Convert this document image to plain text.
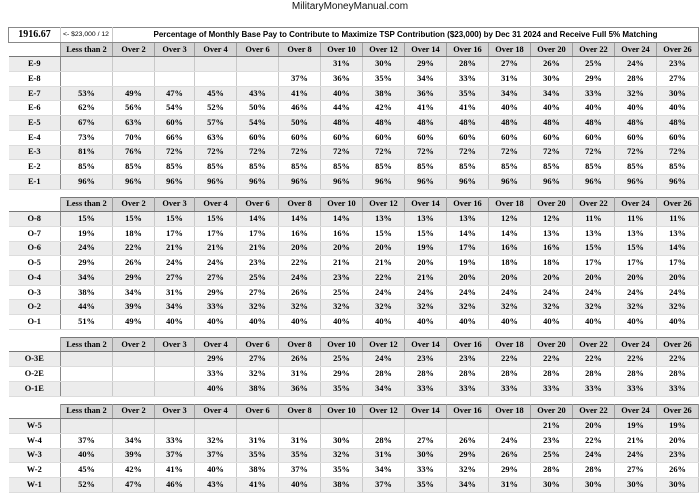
MilitaryMoneyManual.com
1916.67	<- $23,000 / 12	Percentage of Monthly Base Pay to Contribute to Maximize TSP Contribution ($23,000) by Dec 31 2024 and Receive Full 5% Matching													
	Less than 2	Over 2	Over 3	Over 4	Over 6	Over 8	Over 10	Over 12	Over 14	Over 16	Over 18	Over 20	Over 22	Over 24	Over 26
E-9							31%	30%	29%	28%	27%	26%	25%	24%	23%
E-8						37%	36%	35%	34%	33%	31%	30%	29%	28%	27%
E-7	53%	49%	47%	45%	43%	41%	40%	38%	36%	35%	34%	34%	33%	32%	30%
E-6	62%	56%	54%	52%	50%	46%	44%	42%	41%	41%	40%	40%	40%	40%	40%
E-5	67%	63%	60%	57%	54%	50%	48%	48%	48%	48%	48%	48%	48%	48%	48%
E-4	73%	70%	66%	63%	60%	60%	60%	60%	60%	60%	60%	60%	60%	60%	60%
E-3	81%	76%	72%	72%	72%	72%	72%	72%	72%	72%	72%	72%	72%	72%	72%
E-2	85%	85%	85%	85%	85%	85%	85%	85%	85%	85%	85%	85%	85%	85%	85%
E-1	96%	96%	96%	96%	96%	96%	96%	96%	96%	96%	96%	96%	96%	96%	96%

	Less than 2	Over 2	Over 3	Over 4	Over 6	Over 8	Over 10	Over 12	Over 14	Over 16	Over 18	Over 20	Over 22	Over 24	Over 26
O-8	15%	15%	15%	15%	14%	14%	14%	13%	13%	13%	12%	12%	11%	11%	11%
O-7	19%	18%	17%	17%	17%	16%	16%	15%	15%	14%	14%	13%	13%	13%	13%
O-6	24%	22%	21%	21%	21%	20%	20%	20%	19%	17%	16%	16%	15%	15%	14%
O-5	29%	26%	24%	24%	23%	22%	21%	21%	20%	19%	18%	18%	17%	17%	17%
O-4	34%	29%	27%	27%	25%	24%	23%	22%	21%	20%	20%	20%	20%	20%	20%
O-3	38%	34%	31%	29%	27%	26%	25%	24%	24%	24%	24%	24%	24%	24%	24%
O-2	44%	39%	34%	33%	32%	32%	32%	32%	32%	32%	32%	32%	32%	32%	32%
O-1	51%	49%	40%	40%	40%	40%	40%	40%	40%	40%	40%	40%	40%	40%	40%

	Less than 2	Over 2	Over 3	Over 4	Over 6	Over 8	Over 10	Over 12	Over 14	Over 16	Over 18	Over 20	Over 22	Over 24	Over 26
O-3E				29%	27%	26%	25%	24%	23%	23%	22%	22%	22%	22%	22%
O-2E				33%	32%	31%	29%	28%	28%	28%	28%	28%	28%	28%	28%
O-1E				40%	38%	36%	35%	34%	33%	33%	33%	33%	33%	33%	33%

	Less than 2	Over 2	Over 3	Over 4	Over 6	Over 8	Over 10	Over 12	Over 14	Over 16	Over 18	Over 20	Over 22	Over 24	Over 26
W-5												21%	20%	19%	19%
W-4	37%	34%	33%	32%	31%	31%	30%	28%	27%	26%	24%	23%	22%	21%	20%
W-3	40%	39%	37%	37%	35%	35%	32%	31%	30%	29%	26%	25%	24%	24%	23%
W-2	45%	42%	41%	40%	38%	37%	35%	34%	33%	32%	29%	28%	28%	27%	26%
W-1	52%	47%	46%	43%	41%	40%	38%	37%	35%	34%	31%	30%	30%	30%	30%
